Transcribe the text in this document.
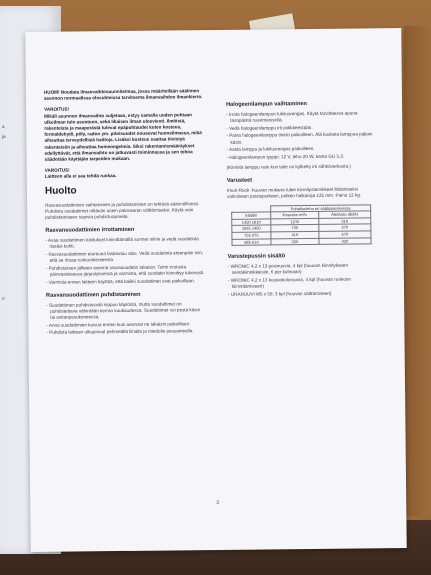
a
ja
ri

HUOM! Noudata ilmanvaihtosuunnitelmaa, jossa määritellään säätimen asennon normaalissa olosuhteissa tarvitsema ilmanvaihdon ilmankierto.

VAROITUS!

Mikäli asunnon ilmanvaihto suljetaan, estyy samalla uuden puhtaan ulkoilman tulo asuntoon, sekä likaisen ilman ulosvienti. Ilmiöstä, rakenteista ja maaperästä tulevat epäpuhtaudet kuten kosteus, formaldehydi, pöly, radon ym. pitoisuudet nousevat huoneilmassa, mikä aiheuttaa terveydellisiä haittoja. Lisäksi kosteus saattaa tiivistyä rakenteisiin ja aiheuttaa homeongelmia. Siksi rakentamismääräykset edellyttävät, että ilmanvaihto on jatkuvasti toiminnassa ja sen tehoa säädetään käyttäjän tarpeiden mukaan.

VAROITUS!

Laitteen alla ei saa tehdä ruokaa.

Huolto

Rasvasuodattimien vaihtaminen ja puhdistaminen on tehtävä säännöllisesti. Puhdista suodattimet riittävän usein palovaaran välttämiseksi. Käytä vain puhdistamiseen sopivia puhdistusaineita.

Rasvansuodattimien irrottaminen
- Avaa suodattimen lukitukset kiinnittämällä sormet niihin ja vedä suodatinta itseäsi kohti.
- Rasvasuodattimen etureuna laskeutuu alas. Vedä suodatinta eteenpäin niin, että se irtoaa runkorakenteesta.
- Puhdistuksen jälkeen asenna rasvasuodatin takaisin. Toimi irrotusta päinvastaisessa järjestyksessä ja varmista, että suodatin kiinnittyy tukevasti.
- Varmista ennen laitteen käyttöä, että kaikki suodattimet ovat paikoillaan.
Rasvansuodattimen puhdistaminen
- Suodattimen puhdistusväli riippuu käytöstä, mutta suodattimet on puhdistettava vähintään kerran kuukaudessa. Suodattimet voi pestä käsin tai astianpesukoneessa.
- Anna suodattimien kuivua ennen kuin asennat ne takaisin paikoilleen.
- Puhdista laitteen ulkopinnat pehmeällä liinalla ja miedolla pesuaineella.
Halogeenilampun vaihtaminen
- Irrota halogeenilampun lukitusrengas. Käytä tarvittaessa apuna tasapäistä ruuvimeisseliä.
- Vedä halogeenilamppu irti pidikkeestään.
- Paina halogeenilamppu tiivisti paikoilleen. Älä kosketa lamppua paljain käsin.
- Aseta lamppu ja lukitusrengas paikoilleen.
- Halogeenilampun tyyppi: 12 V, teho 20 W, kanta GU 5.3.

(Kiinnitä lamppu vain kun laite on kytketty irti sähköverkosta.)

Varusteet

Imuri-Rock -huuvan mukana tulee kiinnitystarvikkeet liittämiseksi valmiiseen poistoputkeen, putken halkaisija 125 mm. Paino 12 kg.

	Puhallusteho eri säätöasennoissa	
Säädin	Ilmavirta m³/h	Äänitaso dB(A)
1450 1810	1100	310
1025 1450	730	270
755 975	419	670
585 610	320	320
Varustepussin sisältö
- WRONIC 4,2 x 13 poraruuvia, 4 kpl (huuvan kiinnitykseen seinäkiinnikkeisiin, 6 per kulmaan)
- WRONIC 4,2 x 13 kuusiokoloruuvia, 4 kpl (huuvan runkoon kiinnittämiseen)
- URARUUVI M5 x 50, 3 kpl (huuvan säätämiseen)
3
